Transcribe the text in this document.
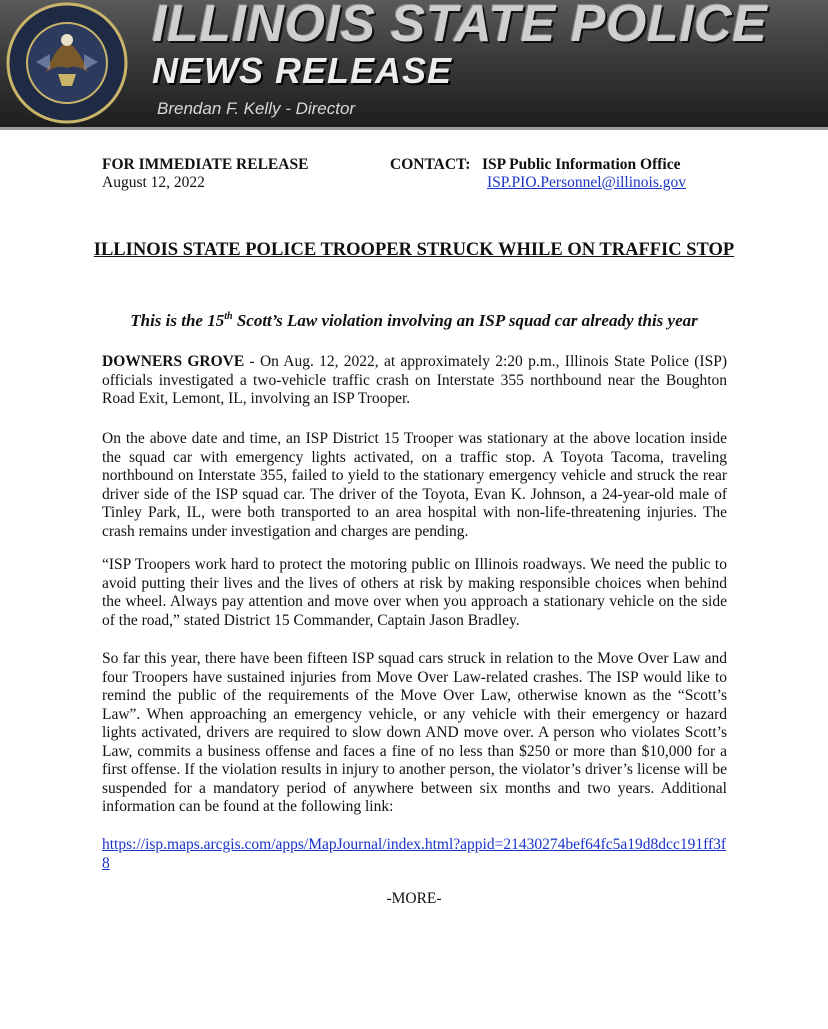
ILLINOIS STATE POLICE
NEWS RELEASE
Brendan F. Kelly - Director
FOR IMMEDIATE RELEASE
August 12, 2022
CONTACT: ISP Public Information Office
ISP.PIO.Personnel@illinois.gov
ILLINOIS STATE POLICE TROOPER STRUCK WHILE ON TRAFFIC STOP
This is the 15th Scott’s Law violation involving an ISP squad car already this year

DOWNERS GROVE - On Aug. 12, 2022, at approximately 2:20 p.m., Illinois State Police (ISP) officials investigated a two-vehicle traffic crash on Interstate 355 northbound near the Boughton Road Exit, Lemont, IL, involving an ISP Trooper.

On the above date and time, an ISP District 15 Trooper was stationary at the above location inside the squad car with emergency lights activated, on a traffic stop. A Toyota Tacoma, traveling northbound on Interstate 355, failed to yield to the stationary emergency vehicle and struck the rear driver side of the ISP squad car. The driver of the Toyota, Evan K. Johnson, a 24-year-old male of Tinley Park, IL, were both transported to an area hospital with non-life-threatening injuries. The crash remains under investigation and charges are pending.

“ISP Troopers work hard to protect the motoring public on Illinois roadways. We need the public to avoid putting their lives and the lives of others at risk by making responsible choices when behind the wheel. Always pay attention and move over when you approach a stationary vehicle on the side of the road,” stated District 15 Commander, Captain Jason Bradley.

So far this year, there have been fifteen ISP squad cars struck in relation to the Move Over Law and four Troopers have sustained injuries from Move Over Law-related crashes. The ISP would like to remind the public of the requirements of the Move Over Law, otherwise known as the “Scott’s Law”. When approaching an emergency vehicle, or any vehicle with their emergency or hazard lights activated, drivers are required to slow down AND move over. A person who violates Scott’s Law, commits a business offense and faces a fine of no less than $250 or more than $10,000 for a first offense. If the violation results in injury to another person, the violator’s driver’s license will be suspended for a mandatory period of anywhere between six months and two years. Additional information can be found at the following link:

https://isp.maps.arcgis.com/apps/MapJournal/index.html?appid=21430274bef64fc5a19d8dcc191ff3f8

-MORE-
